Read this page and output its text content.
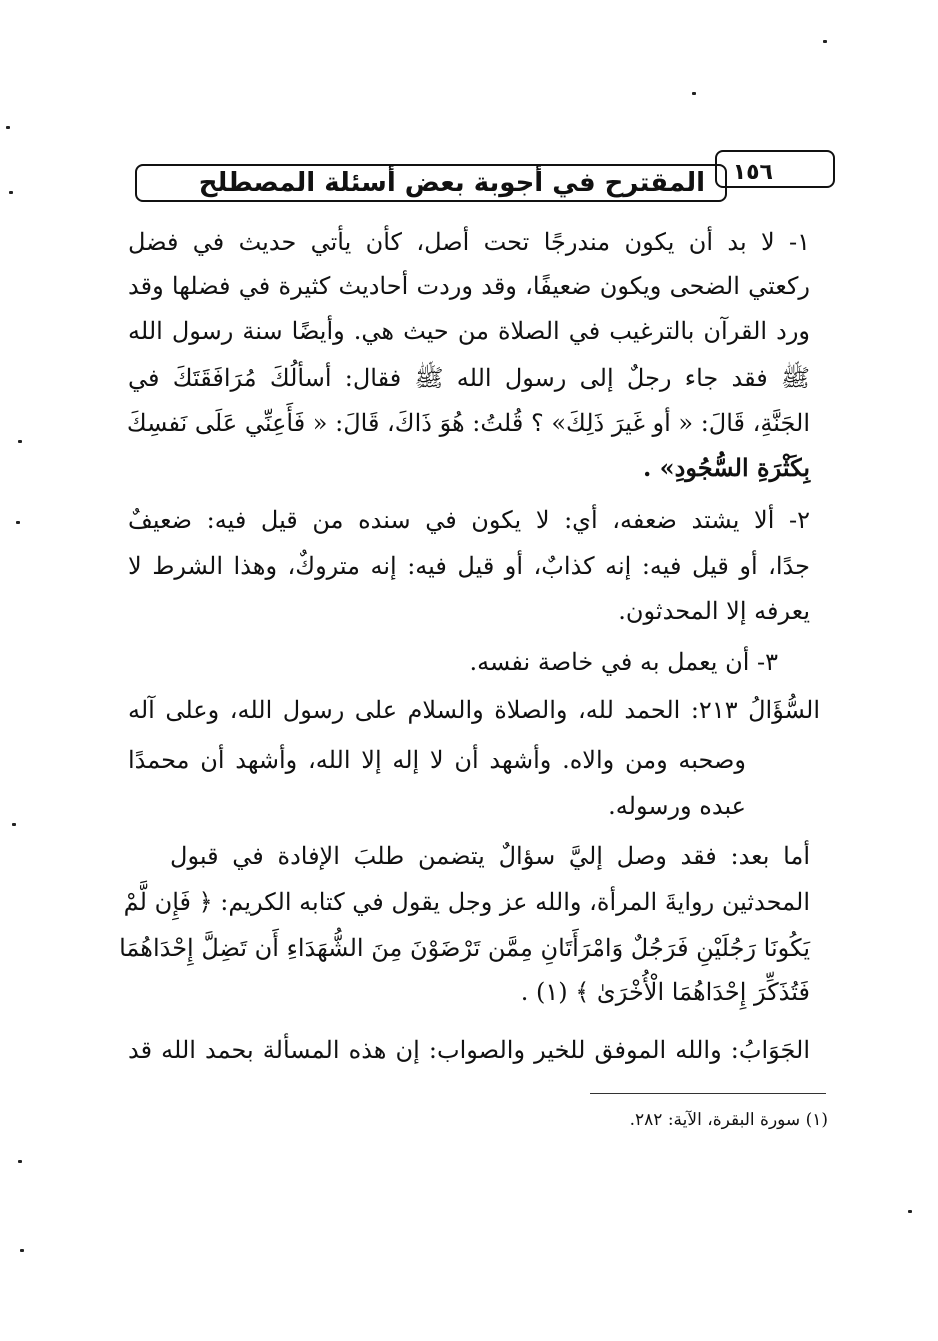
١٥٦
المقترح في أجوبة بعض أسئلة المصطلح
١- لا بد أن يكون مندرجًا تحت أصل، كأن يأتي حديث في فضل
ركعتي الضحى ويكون ضعيفًا، وقد وردت أحاديث كثيرة في فضلها وقد
ورد القرآن بالترغيب في الصلاة من حيث هي. وأيضًا سنة رسول الله
ﷺ فقد جاء رجلٌ إلى رسول الله ﷺ فقال: أسألُكَ مُرَافَقَتَكَ في
الجَنَّةِ، قَالَ: « أو غَيرَ ذَلِكَ» ؟ قُلتُ: هُوَ ذَاكَ، قَالَ: « فَأَعِنِّي عَلَى نَفسِكَ
بِكَثْرَةِ السُّجُودِ» .
٢- ألا يشتد ضعفه، أي: لا يكون في سنده من قيل فيه: ضعيفٌ
جدًا، أو قيل فيه: إنه كذابٌ، أو قيل فيه: إنه متروكٌ، وهذا الشرط لا
يعرفه إلا المحدثون.
٣- أن يعمل به في خاصة نفسه.
السُّؤَالُ ٢١٣: الحمد لله، والصلاة والسلام على رسول الله، وعلى آله
وصحبه ومن والاه. وأشهد أن لا إله إلا الله، وأشهد أن محمدًا
عبده ورسوله.
أما بعد: فقد وصل إليَّ سؤالٌ يتضمن طلبَ الإفادة في قبول
المحدثين روايةَ المرأة، والله عز وجل يقول في كتابه الكريم: ﴿ فَإِن لَّمْ
يَكُونَا رَجُلَيْنِ فَرَجُلٌ وَامْرَأَتَانِ مِمَّن تَرْضَوْنَ مِنَ الشُّهَدَاءِ أَن تَضِلَّ إِحْدَاهُمَا
فَتُذَكِّرَ إِحْدَاهُمَا الْأُخْرَىٰ ﴾ (١) .
الجَوَابُ: والله الموفق للخير والصواب: إن هذه المسألة بحمد الله قد
(١) سورة البقرة، الآية: ٢٨٢.
